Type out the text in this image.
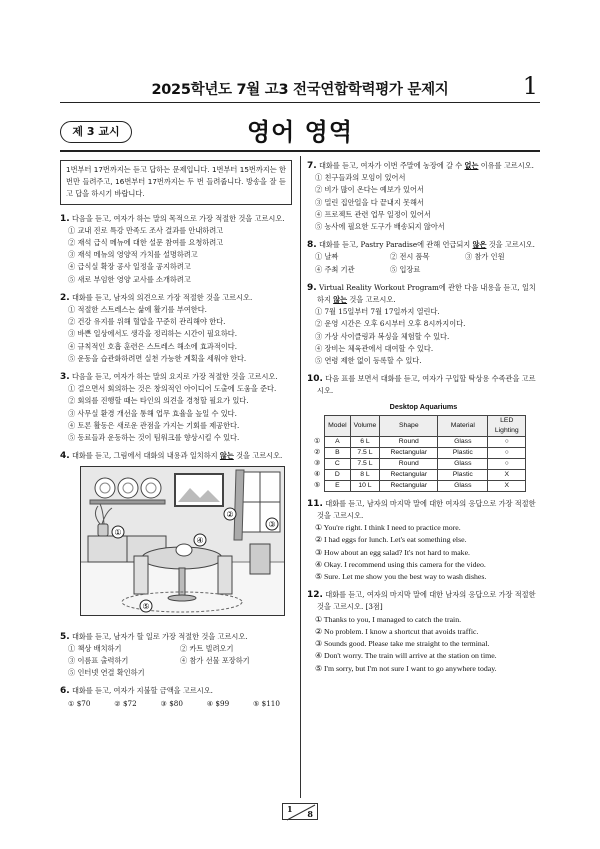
2025학년도 7월 고3 전국연합학력평가 문제지	1
제 3 교시	영어 영역
1번부터 17번까지는 듣고 답하는 문제입니다. 1번부터 15번까지는 한 번만 들려주고, 16번부터 17번까지는 두 번 들려줍니다. 방송을 잘 듣고 답을 하시기 바랍니다.
1. 다음을 듣고, 여자가 하는 말의 목적으로 가장 적절한 것을 고르시오.
① 교내 진로 특강 만족도 조사 결과를 안내하려고
② 재석 급식 메뉴에 대한 설문 참여를 요청하려고
③ 재석 메뉴의 영양적 가치를 설명하려고
④ 급식실 확장 공사 일정을 공지하려고
⑤ 새로 부임한 영양 교사를 소개하려고
2. 대화를 듣고, 남자의 의견으로 가장 적절한 것을 고르시오.
① 적절한 스트레스는 삶에 활기를 부여한다.
② 건강 유지를 위해 혈압을 꾸준히 관리해야 한다.
③ 바쁜 일상에서도 생각을 정리하는 시간이 필요하다.
④ 규칙적인 호흡 훈련은 스트레스 해소에 효과적이다.
⑤ 운동을 습관화하려면 실천 가능한 계획을 세워야 한다.
3. 다음을 듣고, 여자가 하는 말의 요지로 가장 적절한 것을 고르시오.
① 걸으면서 회의하는 것은 창의적인 아이디어 도출에 도움을 준다.
② 회의를 진행할 때는 타인의 의견을 경청할 필요가 있다.
③ 사무실 환경 개선을 통해 업무 효율을 높일 수 있다.
④ 토론 활동은 새로운 관점을 가지는 기회를 제공한다.
⑤ 동료들과 운동하는 것이 팀워크를 향상시킬 수 있다.
4. 대화를 듣고, 그림에서 대화의 내용과 일치하지 않는 것을 고르시오.
①
②
③
④
⑤
5. 대화를 듣고, 남자가 할 일로 가장 적절한 것을 고르시오.
① 책상 배치하기	② 카트 빌려오기
③ 이름표 출력하기	④ 참가 선물 포장하기
⑤ 인터넷 연결 확인하기
6. 대화를 듣고, 여자가 지불할 금액을 고르시오.
① $70	② $72	③ $80	④ $99	⑤ $110
7. 대화를 듣고, 여자가 이번 주말에 농장에 갈 수 없는 이유를 고르시오.
① 친구들과의 모임이 있어서
② 비가 많이 온다는 예보가 있어서
③ 밀린 집안일을 다 끝내지 못해서
④ 프로젝트 관련 업무 일정이 있어서
⑤ 농사에 필요한 도구가 배송되지 않아서
8. 대화를 듣고, Pastry Paradise에 관해 언급되지 않은 것을 고르시오.
① 날짜	② 전시 품목	③ 참가 인원
④ 주최 기관	⑤ 입장료
9. Virtual Reality Workout Program에 관한 다음 내용을 듣고, 일치하지 않는 것을 고르시오.
① 7월 15일부터 7월 17일까지 열린다.
② 운영 시간은 오후 6시부터 오후 8시까지이다.
③ 가상 사이클링과 복싱을 체험할 수 있다.
④ 장비는 체육관에서 대여할 수 있다.
⑤ 연령 제한 없이 등록할 수 있다.
10. 다음 표를 보면서 대화를 듣고, 여자가 구입할 탁상용 수족관을 고르시오.
Desktop Aquariums
	Model	Volume	Shape	Material	LED Lighting
①	A	6 L	Round	Glass	○
②	B	7.5 L	Rectangular	Plastic	○
③	C	7.5 L	Round	Glass	○
④	D	8 L	Rectangular	Plastic	X
⑤	E	10 L	Rectangular	Glass	X
11. 대화를 듣고, 남자의 마지막 말에 대한 여자의 응답으로 가장 적절한 것을 고르시오.
① You're right. I think I need to practice more.
② I had eggs for lunch. Let's eat something else.
③ How about an egg salad? It's not hard to make.
④ Okay. I recommend using this camera for the video.
⑤ Sure. Let me show you the best way to wash dishes.
12. 대화를 듣고, 여자의 마지막 말에 대한 남자의 응답으로 가장 적절한 것을 고르시오. [3점]
① Thanks to you, I managed to catch the train.
② No problem. I know a shortcut that avoids traffic.
③ Sounds good. Please take me straight to the terminal.
④ Don't worry. The train will arrive at the station on time.
⑤ I'm sorry, but I'm not sure I want to go anywhere today.
1 8
